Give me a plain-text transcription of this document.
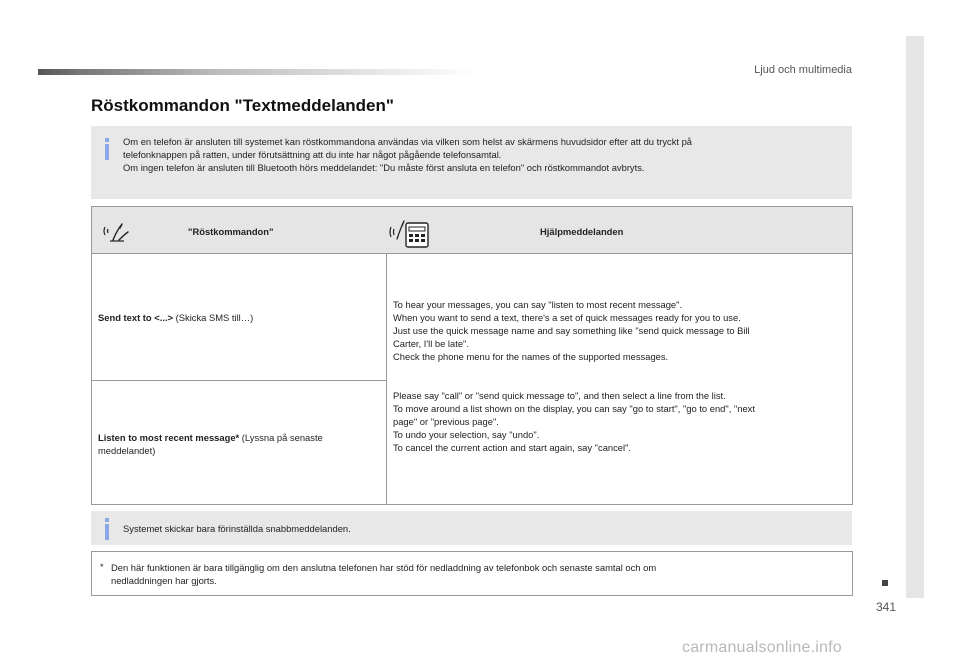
Ljud och multimedia
341
Röstkommandon "Textmeddelanden"
Om en telefon är ansluten till systemet kan röstkommandona användas via vilken som helst av skärmens huvudsidor efter att du tryckt på
telefonknappen på ratten, under förutsättning att du inte har något pågående telefonsamtal.
Om ingen telefon är ansluten till Bluetooth hörs meddelandet: "Du måste först ansluta en telefon" och röstkommandot avbryts.
"Röstkommandon"	Hjälpmeddelanden
Send text to <...> (Skicka SMS till…)
Listen to most recent message* (Lyssna på senaste
meddelandet)
To hear your messages, you can say "listen to most recent message".
When you want to send a text, there's a set of quick messages ready for you to use.
Just use the quick message name and say something like "send quick message to Bill
Carter, I'll be late".
Check the phone menu for the names of the supported messages.
Please say "call" or "send quick message to", and then select a line from the list.
To move around a list shown on the display, you can say "go to start", "go to end", "next
page" or "previous page".
To undo your selection, say "undo".
To cancel the current action and start again, say "cancel".
Systemet skickar bara förinställda snabbmeddelanden.
* Den här funktionen är bara tillgänglig om den anslutna telefonen har stöd för nedladdning av telefonbok och senaste samtal och om
nedladdningen har gjorts.
carmanualsonline.info
